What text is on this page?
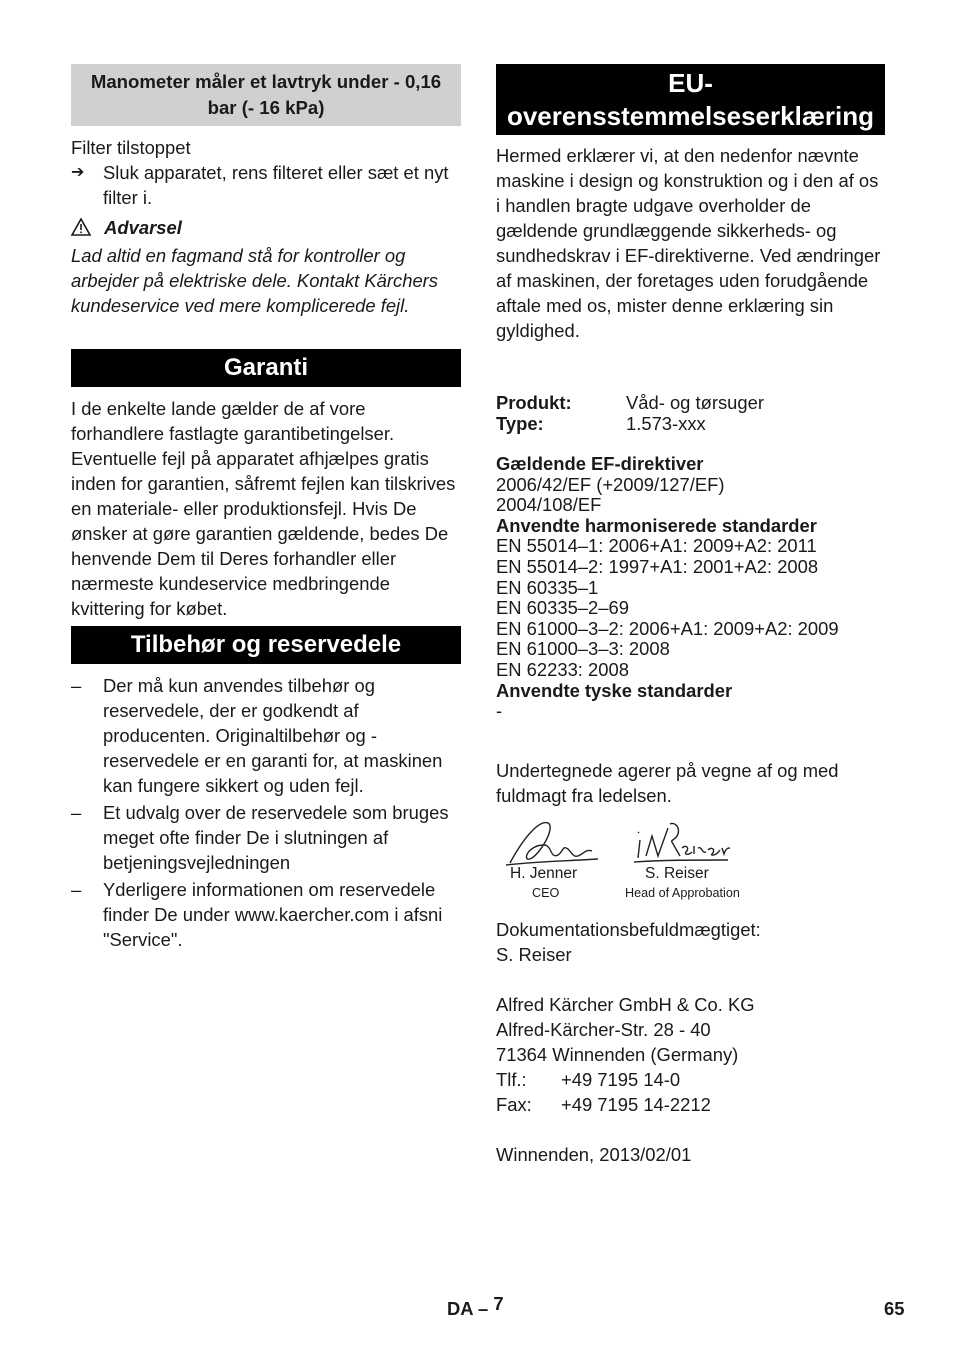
Manometer måler et lavtryk under - 0,16 bar (- 16 kPa)
Filter tilstoppet
➔ Sluk apparatet, rens filteret eller sæt et nyt filter i.
Advarsel
Lad altid en fagmand stå for kontroller og arbejder på elektriske dele. Kontakt Kärchers kundeservice ved mere komplicerede fejl.
Garanti
I de enkelte lande gælder de af vore forhandlere fastlagte garantibetingelser. Eventuelle fejl på apparatet afhjælpes gratis inden for garantien, såfremt fejlen kan tilskrives en materiale- eller produktionsfejl. Hvis De ønsker at gøre garantien gældende, bedes De henvende Dem til Deres forhandler eller nærmeste kundeservice medbringende kvittering for købet.
Tilbehør og reservedele
– Der må kun anvendes tilbehør og reservedele, der er godkendt af producenten. Originaltilbehør og -reservedele er en garanti for, at maskinen kan fungere sikkert og uden fejl.
– Et udvalg over de reservedele som bruges meget ofte finder De i slutningen af betjeningsvejledningen
– Yderligere informationen om reservedele finder De under www.kaercher.com i afsni "Service".
EU-overensstemmelseserklæring
Hermed erklærer vi, at den nedenfor nævnte maskine i design og konstruktion og i den af os i handlen bragte udgave overholder de gældende grundlæggende sikkerheds- og sundhedskrav i EF-direktiverne. Ved ændringer af maskinen, der foretages uden forudgående aftale med os, mister denne erklæring sin gyldighed.
Produkt:	Våd- og tørsuger
Type:	1.573-xxx
Gældende EF-direktiver
2006/42/EF (+2009/127/EF)
2004/108/EF
Anvendte harmoniserede standarder
EN 55014–1: 2006+A1: 2009+A2: 2011
EN 55014–2: 1997+A1: 2001+A2: 2008
EN 60335–1
EN 60335–2–69
EN 61000–3–2: 2006+A1: 2009+A2: 2009
EN 61000–3–3: 2008
EN 62233: 2008
Anvendte tyske standarder
-
Undertegnede agerer på vegne af og med fuldmagt fra ledelsen.
H. Jenner
CEO
S. Reiser
Head of Approbation
Dokumentationsbefuldmægtiget:
S. Reiser
Alfred Kärcher GmbH & Co. KG
Alfred-Kärcher-Str. 28 - 40
71364 Winnenden (Germany)
Tlf.:	+49 7195 14-0
Fax:	+49 7195 14-2212
Winnenden, 2013/02/01
DA – 7	65
